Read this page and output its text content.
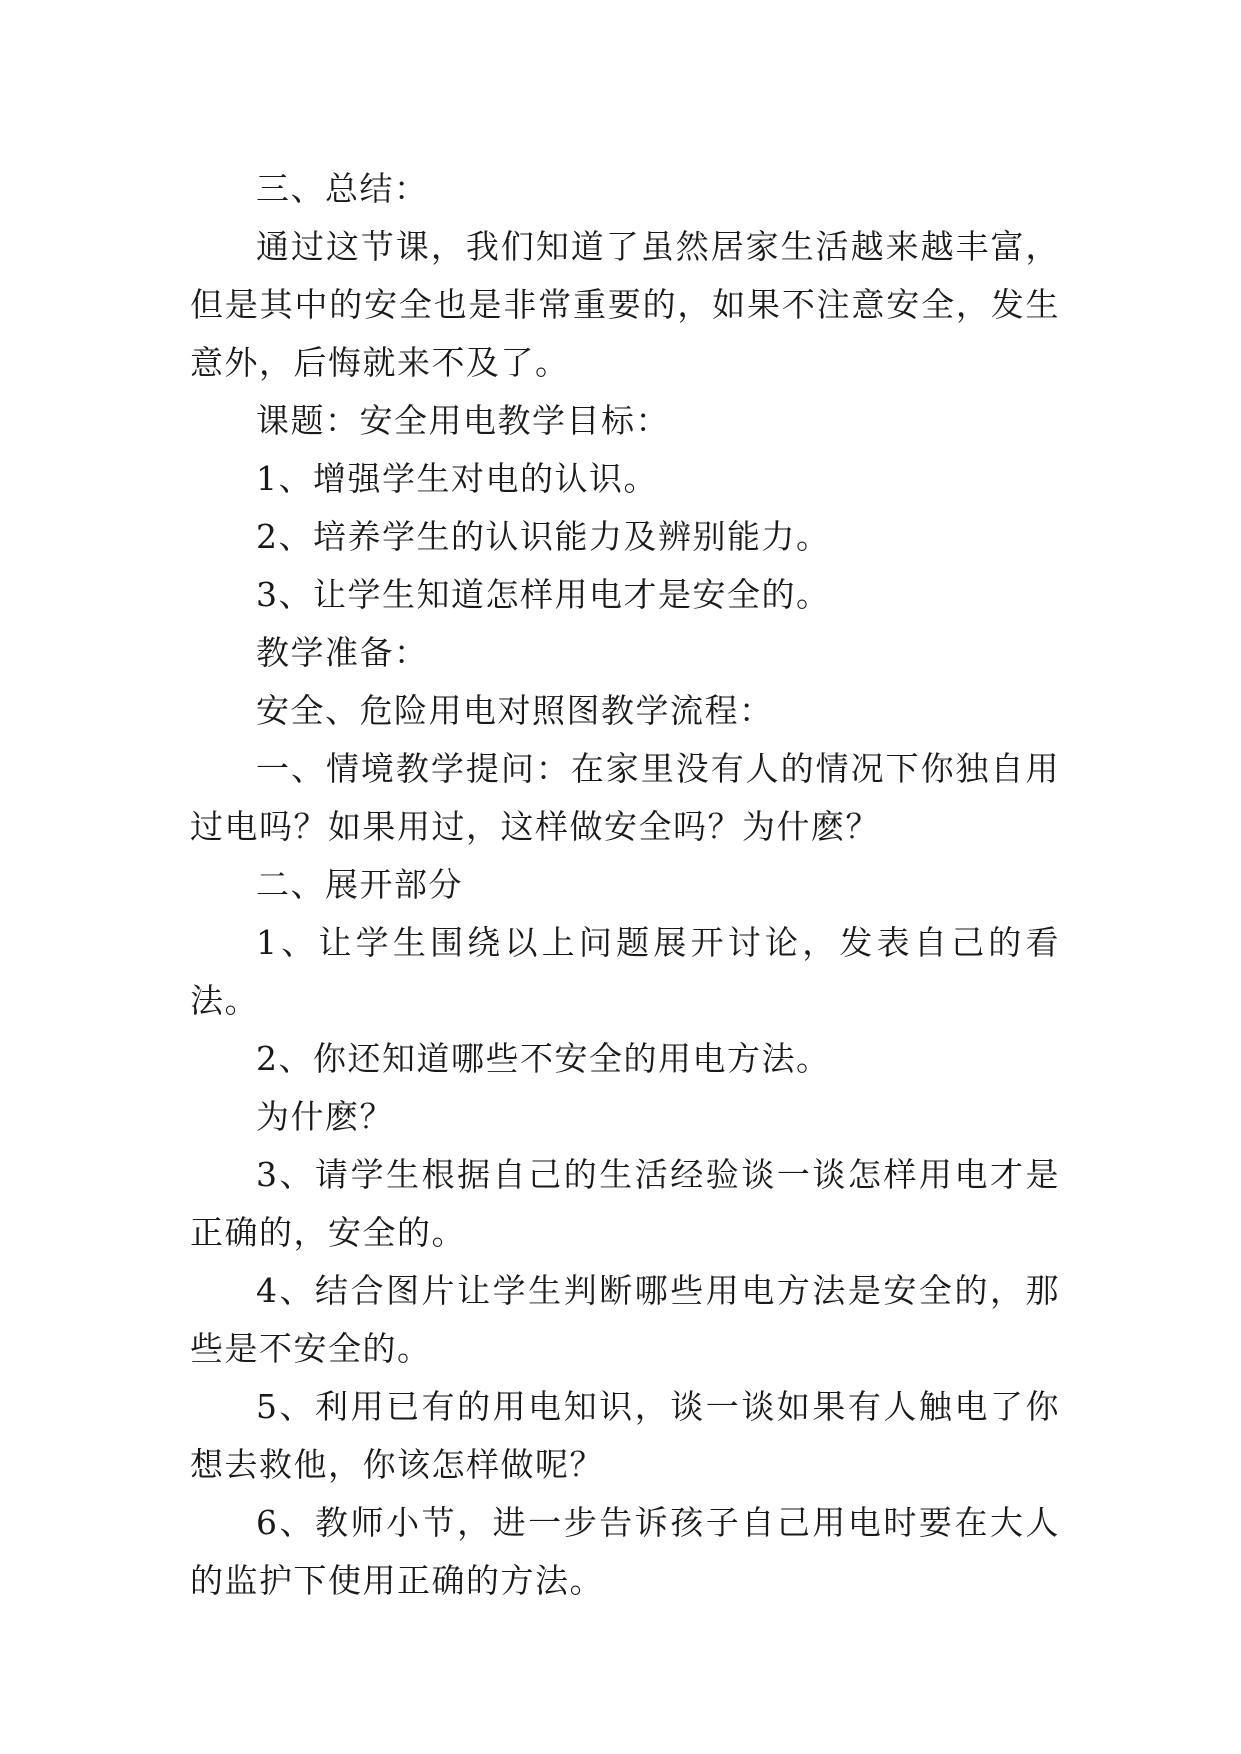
三、总结：

通过这节课，我们知道了虽然居家生活越来越丰富，但是其中的安全也是非常重要的，如果不注意安全，发生意外，后悔就来不及了。

课题：安全用电教学目标：

1、增强学生对电的认识。

2、培养学生的认识能力及辨别能力。

3、让学生知道怎样用电才是安全的。

教学准备：

安全、危险用电对照图教学流程：

一、情境教学提问：在家里没有人的情况下你独自用过电吗？如果用过，这样做安全吗？为什麽？

二、展开部分

1、让学生围绕以上问题展开讨论，发表自己的看法。

2、你还知道哪些不安全的用电方法。

为什麽？

3、请学生根据自己的生活经验谈一谈怎样用电才是正确的，安全的。

4、结合图片让学生判断哪些用电方法是安全的，那些是不安全的。

5、利用已有的用电知识，谈一谈如果有人触电了你想去救他，你该怎样做呢？

6、教师小节，进一步告诉孩子自己用电时要在大人的监护下使用正确的方法。
